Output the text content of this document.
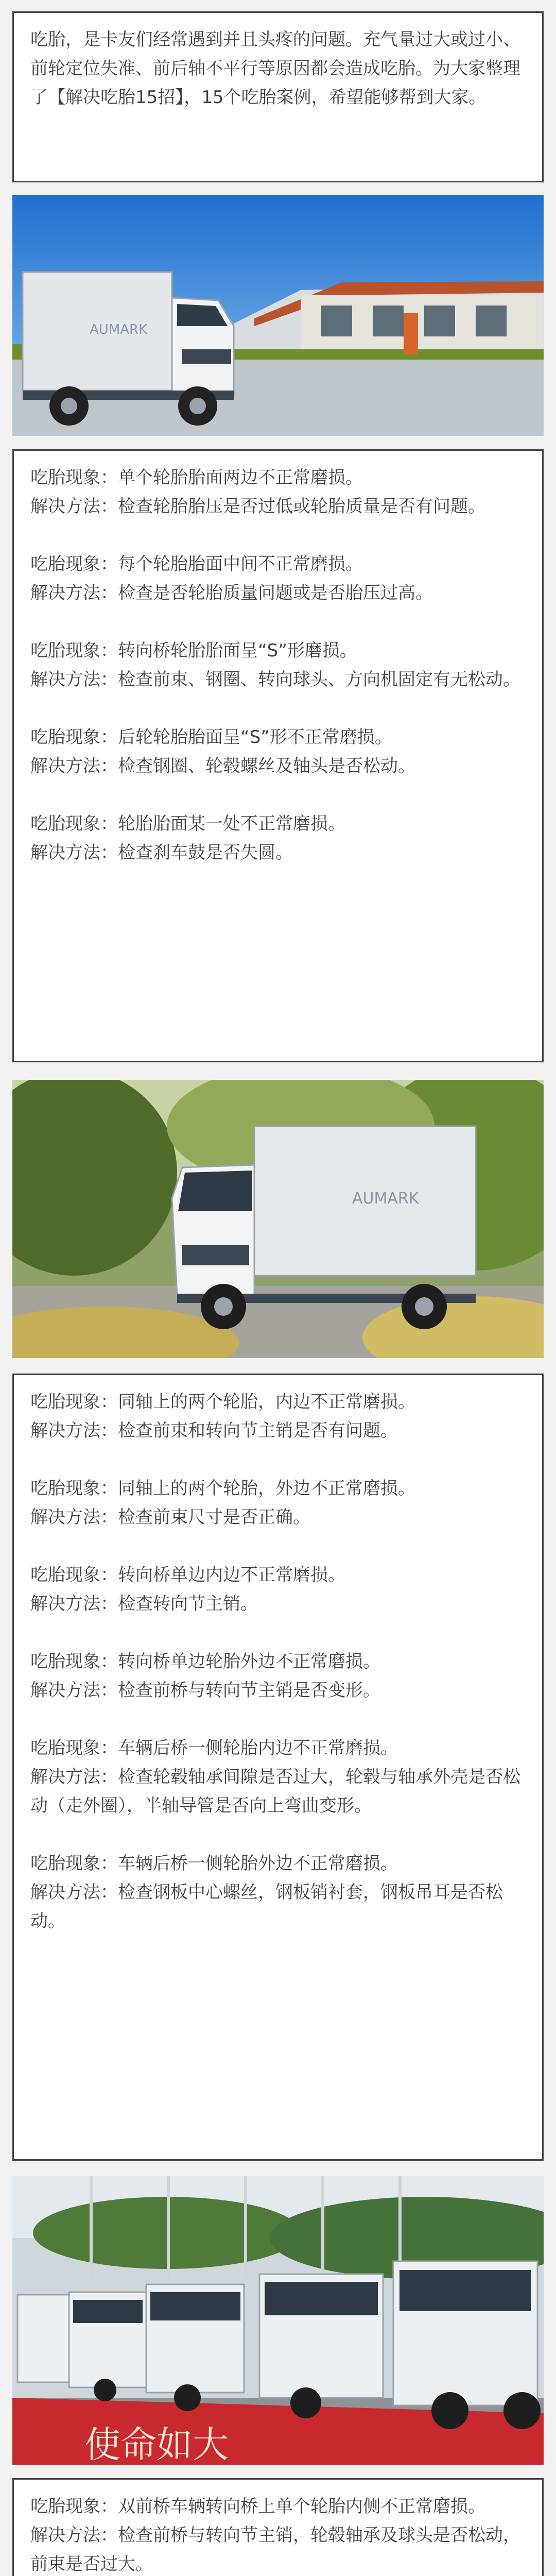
吃胎，是卡友们经常遇到并且头疼的问题。充气量过大或过小、前轮定位失准、前后轴不平行等原因都会造成吃胎。为大家整理了【解决吃胎15招】，15个吃胎案例，希望能够帮到大家。

AUMARK

吃胎现象：单个轮胎胎面两边不正常磨损。

解决方法：检查轮胎胎压是否过低或轮胎质量是否有问题。

吃胎现象：每个轮胎胎面中间不正常磨损。

解决方法：检查是否轮胎质量问题或是否胎压过高。

吃胎现象：转向桥轮胎胎面呈“S”形磨损。

解决方法：检查前束、钢圈、转向球头、方向机固定有无松动。

吃胎现象：后轮轮胎胎面呈“S”形不正常磨损。

解决方法：检查钢圈、轮毂螺丝及轴头是否松动。

吃胎现象：轮胎胎面某一处不正常磨损。

解决方法：检查刹车鼓是否失圆。

AUMARK

吃胎现象：同轴上的两个轮胎，内边不正常磨损。

解决方法：检查前束和转向节主销是否有问题。

吃胎现象：同轴上的两个轮胎，外边不正常磨损。

解决方法：检查前束尺寸是否正确。

吃胎现象：转向桥单边内边不正常磨损。

解决方法：检查转向节主销。

吃胎现象：转向桥单边轮胎外边不正常磨损。

解决方法：检查前桥与转向节主销是否变形。

吃胎现象：车辆后桥一侧轮胎内边不正常磨损。

解决方法：检查轮毂轴承间隙是否过大，轮毂与轴承外壳是否松动（走外圈），半轴导管是否向上弯曲变形。

吃胎现象：车辆后桥一侧轮胎外边不正常磨损。

解决方法：检查钢板中心螺丝，钢板销衬套，钢板吊耳是否松动。

使命如大

吃胎现象：双前桥车辆转向桥上单个轮胎内侧不正常磨损。

解决方法：检查前桥与转向节主销，轮毂轴承及球头是否松动，前束是否过大。
